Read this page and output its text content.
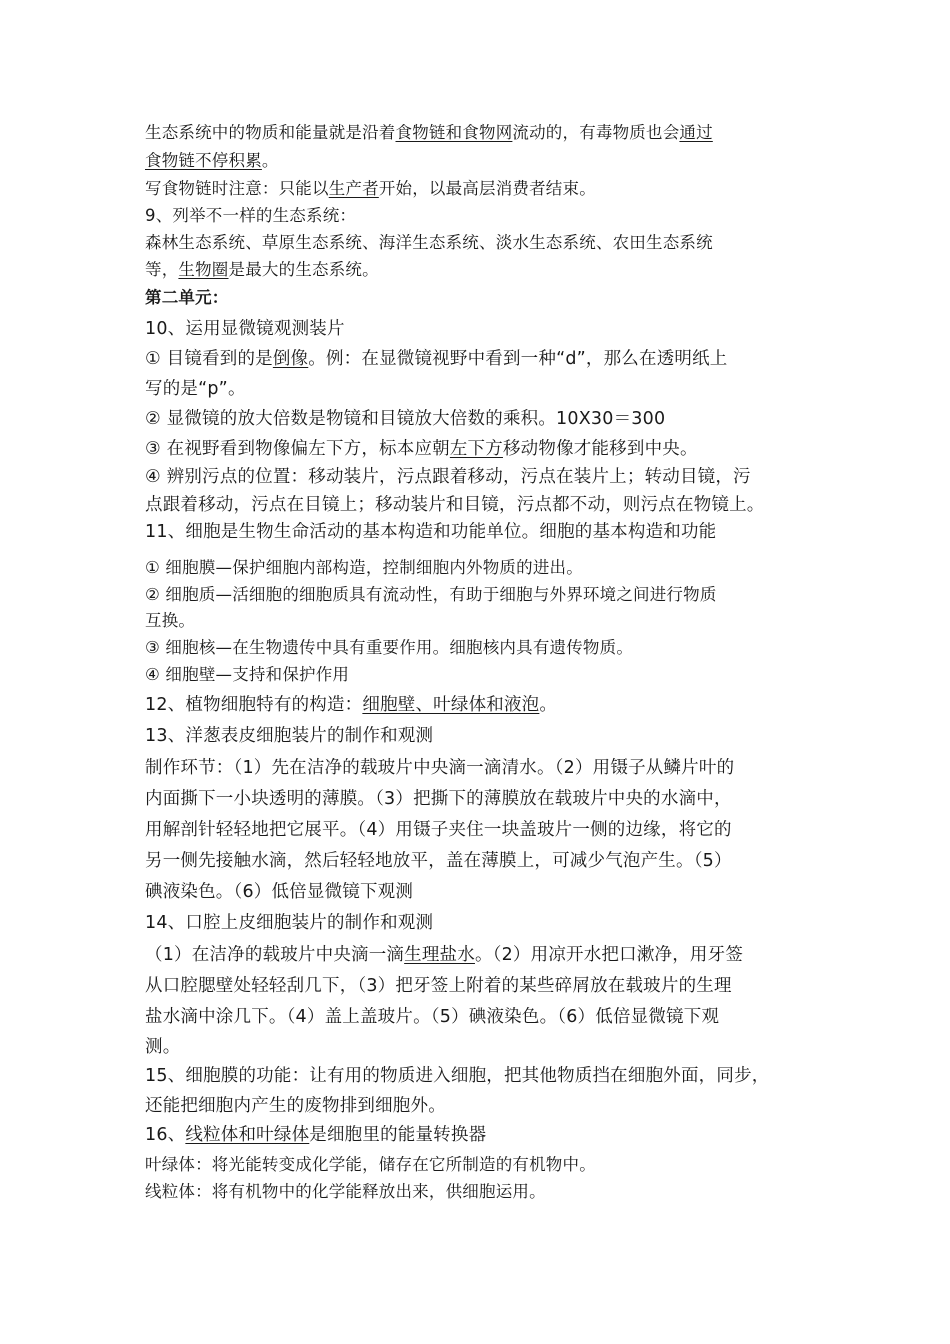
生态系统中的物质和能量就是沿着食物链和食物网流动的，有毒物质也会通过
食物链不停积累。
写食物链时注意：只能以生产者开始，以最高层消费者结束。
9、列举不一样的生态系统：
森林生态系统、草原生态系统、海洋生态系统、淡水生态系统、农田生态系统
等，生物圈是最大的生态系统。
第二单元：
10、运用显微镜观测装片
① 目镜看到的是倒像。例：在显微镜视野中看到一种“d”，那么在透明纸上
写的是“p”。
② 显微镜的放大倍数是物镜和目镜放大倍数的乘积。10X30＝300
③ 在视野看到物像偏左下方，标本应朝左下方移动物像才能移到中央。
④ 辨别污点的位置：移动装片，污点跟着移动，污点在装片上；转动目镜，污
点跟着移动，污点在目镜上；移动装片和目镜，污点都不动，则污点在物镜上。
11、细胞是生物生命活动的基本构造和功能单位。细胞的基本构造和功能
① 细胞膜—保护细胞内部构造，控制细胞内外物质的进出。
② 细胞质—活细胞的细胞质具有流动性，有助于细胞与外界环境之间进行物质
互换。
③ 细胞核—在生物遗传中具有重要作用。细胞核内具有遗传物质。
④ 细胞壁—支持和保护作用
12、植物细胞特有的构造：细胞壁、叶绿体和液泡。
13、洋葱表皮细胞装片的制作和观测
制作环节：（1）先在洁净的载玻片中央滴一滴清水。（2）用镊子从鳞片叶的
内面撕下一小块透明的薄膜。（3）把撕下的薄膜放在载玻片中央的水滴中，
用解剖针轻轻地把它展平。（4）用镊子夹住一块盖玻片一侧的边缘，将它的
另一侧先接触水滴，然后轻轻地放平，盖在薄膜上，可减少气泡产生。（5）
碘液染色。（6）低倍显微镜下观测
14、口腔上皮细胞装片的制作和观测
（1）在洁净的载玻片中央滴一滴生理盐水。（2）用凉开水把口漱净，用牙签
从口腔腮壁处轻轻刮几下，（3）把牙签上附着的某些碎屑放在载玻片的生理
盐水滴中涂几下。（4）盖上盖玻片。（5）碘液染色。（6）低倍显微镜下观
测。
15、细胞膜的功能：让有用的物质进入细胞，把其他物质挡在细胞外面，同步，
还能把细胞内产生的废物排到细胞外。
16、线粒体和叶绿体是细胞里的能量转换器
叶绿体：将光能转变成化学能，储存在它所制造的有机物中。
线粒体：将有机物中的化学能释放出来，供细胞运用。
